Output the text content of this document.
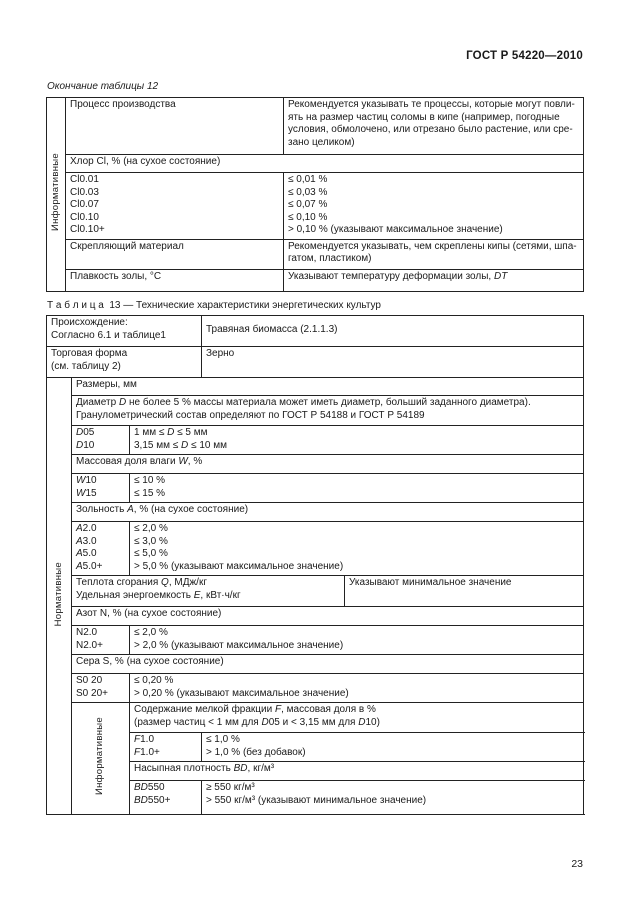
ГОСТ Р 54220—2010
Окончание таблицы 12
Информативные	Процесс производства	Рекомендуется указывать те процессы, которые могут повли-
ять на размер частиц соломы в кипе (например, погодные
условия, обмолочено, или отрезано было растение, или сре-
зано целиком)
	Хлор Cl, % (на сухое состояние)	
	Cl0.01
Cl0.03
Cl0.07
Cl0.10
Cl0.10+	≤ 0,01 %
≤ 0,03 %
≤ 0,07 %
≤ 0,10 %
> 0,10 % (указывают максимальное значение)
	Скрепляющий материал	Рекомендуется указывать, чем скреплены кипы (сетями, шпа-
гатом, пластиком)
	Плавкость золы, °С	Указывают температуру деформации золы, DT
Т а б л и ц а  13 — Технические характеристики энергетических культур
Происхождение:
Согласно 6.1 и таблице1			Травяная биомасса (2.1.1.3)	
Торговая форма
(см. таблицу 2)			Зерно	
Нормативные	Размеры, мм			

	Диаметр D не более 5 % массы материала может иметь диаметр, больший заданного диаметра).
Гранулометрический состав определяют по ГОСТ Р 54188 и ГОСТ Р 54189			

	D05
D10	1 мм ≤ D ≤ 5 мм
3,15 мм ≤ D ≤ 10 мм		
	Массовая доля влаги W, %			
	W10
W15	≤ 10 %
≤ 15 %		
	Зольность A, % (на сухое состояние)			
	A2.0
A3.0
A5.0
A5.0+	≤ 2,0 %
≤ 3,0 %
≤ 5,0 %
> 5,0 % (указывают максимальное значение)		

	Теплота сгорания Q, МДж/кг
Удельная энергоемкость E, кВт·ч/кг			Указывают минимальное значение
	Азот N, % (на сухое состояние)			
	N2.0
N2.0+	≤ 2,0 %
> 2,0 % (указывают максимальное значение)		
	Сера S, % (на сухое состояние)			
	S0 20
S0 20+	≤ 0,20 %
> 0,20 % (указывают максимальное значение)		
	Информативные	Содержание мелкой фракции F, массовая доля в %
(размер частиц < 1 мм для D05 и < 3,15 мм для D10)		

		F1.0
F1.0+	≤ 1,0 %
> 1,0 % (без добавок)	
		Насыпная плотность BD, кг/м³		
		BD550
BD550+	≥ 550 кг/м³
> 550 кг/м³ (указывают минимальное значение)	
23
